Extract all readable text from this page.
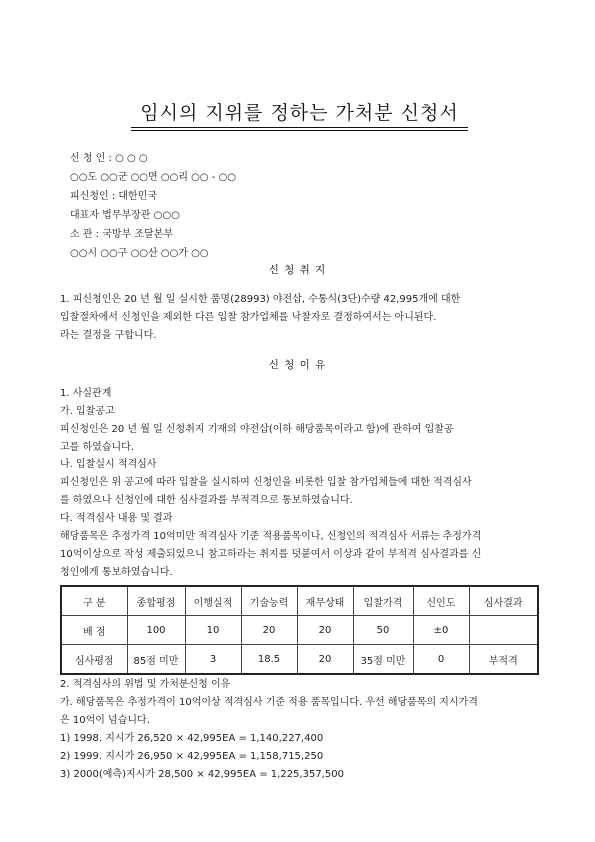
임시의 지위를 정하는 가처분 신청서
신 청 인 : ○ ○ ○
○○도 ○○군 ○○면 ○○리 ○○ - ○○
피신청인 : 대한민국
대표자 법무부장관 ○○○
소 관 : 국방부 조달본부
○○시 ○○구 ○○산 ○○가 ○○
신 청 취 지
1. 피신청인은 20 년 월 일 실시한 품명(28993) 야전삽, 수통식(3단)수량 42,995개에 대한
입찰절차에서 신청인을 제외한 다른 입찰 참가업체를 낙찰자로 결정하여서는 아니된다.
라는 결정을 구합니다.
신 청 이 유
1. 사실관계
가. 입찰공고
피신청인은 20 년 월 일 신청취지 기재의 야전삽(이하 해당품목이라고 함)에 관하여 입찰공
고를 하였습니다.
나. 입찰실시 적격심사
피신청인은 위 공고에 따라 입찰을 실시하여 신청인을 비롯한 입찰 참가업체들에 대한 적격심사
를 하였으나 신청인에 대한 심사결과를 부적격으로 통보하였습니다.
다. 적격심사 내용 및 결과
해당품목은 추정가격 10억미만 적격심사 기준 적용품목이나, 신청인의 적격심사 서류는 추정가격
10억이상으로 작성 제출되었으니 참고하라는 취지를 덧붙여서 이상과 같이 부적격 심사결과를 신
청인에게 통보하였습니다.
구 분	종합평점	이행실적	기술능력	재무상태	입찰가격	신인도	심사결과
배 점	100	10	20	20	50	±0	
심사평점	85점 미만	3	18.5	20	35점 미만	0	부적격
2. 적격심사의 위법 및 가처분신청 이유
가. 해당품목은 추정가격이 10억이상 적격심사 기준 적용 품목입니다. 우선 해당품목의 지시가격
은 10억이 넘습니다.
1) 1998. 지시가 26,520 × 42,995EA = 1,140,227,400
2) 1999. 지시가 26,950 × 42,995EA = 1,158,715,250
3) 2000(예측)지시가 28,500 × 42,995EA = 1,225,357,500
